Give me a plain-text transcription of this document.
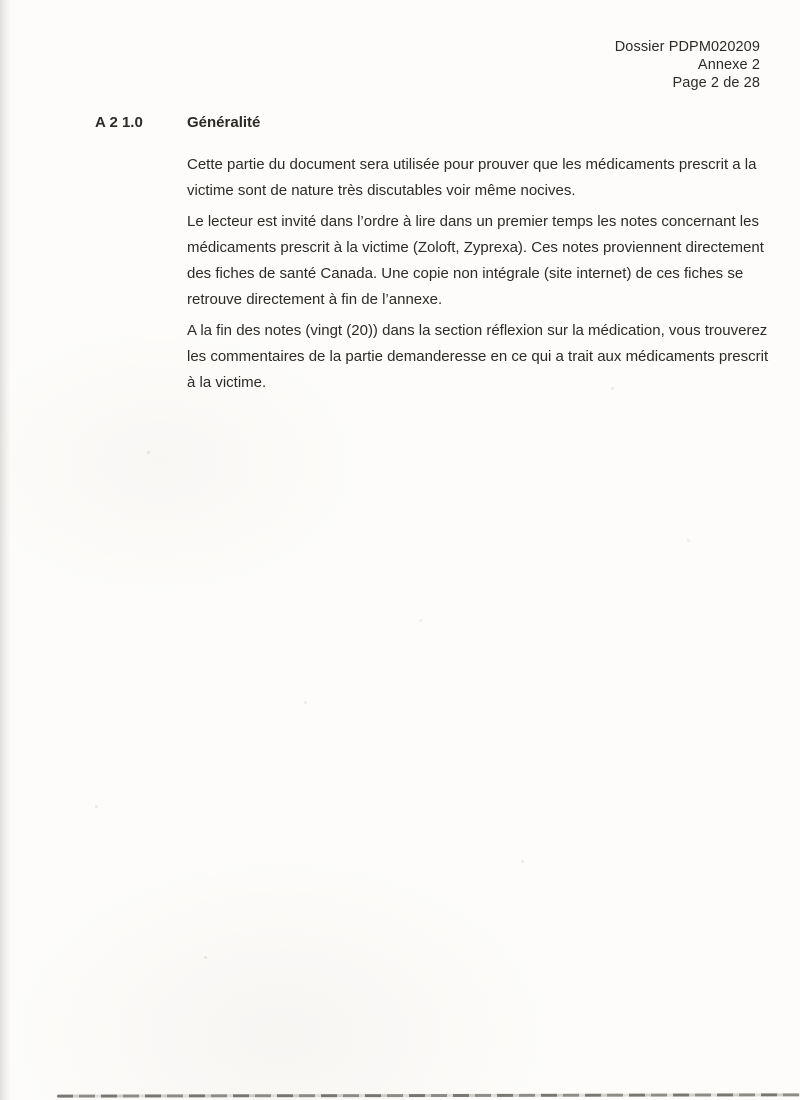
Dossier PDPM020209
Annexe 2
Page 2 de 28
A 2 1.0	Généralité
Cette partie du document sera utilisée pour prouver que les médicaments prescrit a la
victime sont de nature très discutables voir même nocives.
Le lecteur est invité dans l’ordre à lire dans un premier temps les notes concernant les
médicaments prescrit à la victime (Zoloft, Zyprexa). Ces notes proviennent directement
des fiches de santé Canada. Une copie non intégrale (site internet) de ces fiches se
retrouve directement à fin de l’annexe.
A la fin des notes (vingt (20)) dans la section réflexion sur la médication, vous trouverez
les commentaires de la partie demanderesse en ce qui a trait aux médicaments prescrit
à la victime.
